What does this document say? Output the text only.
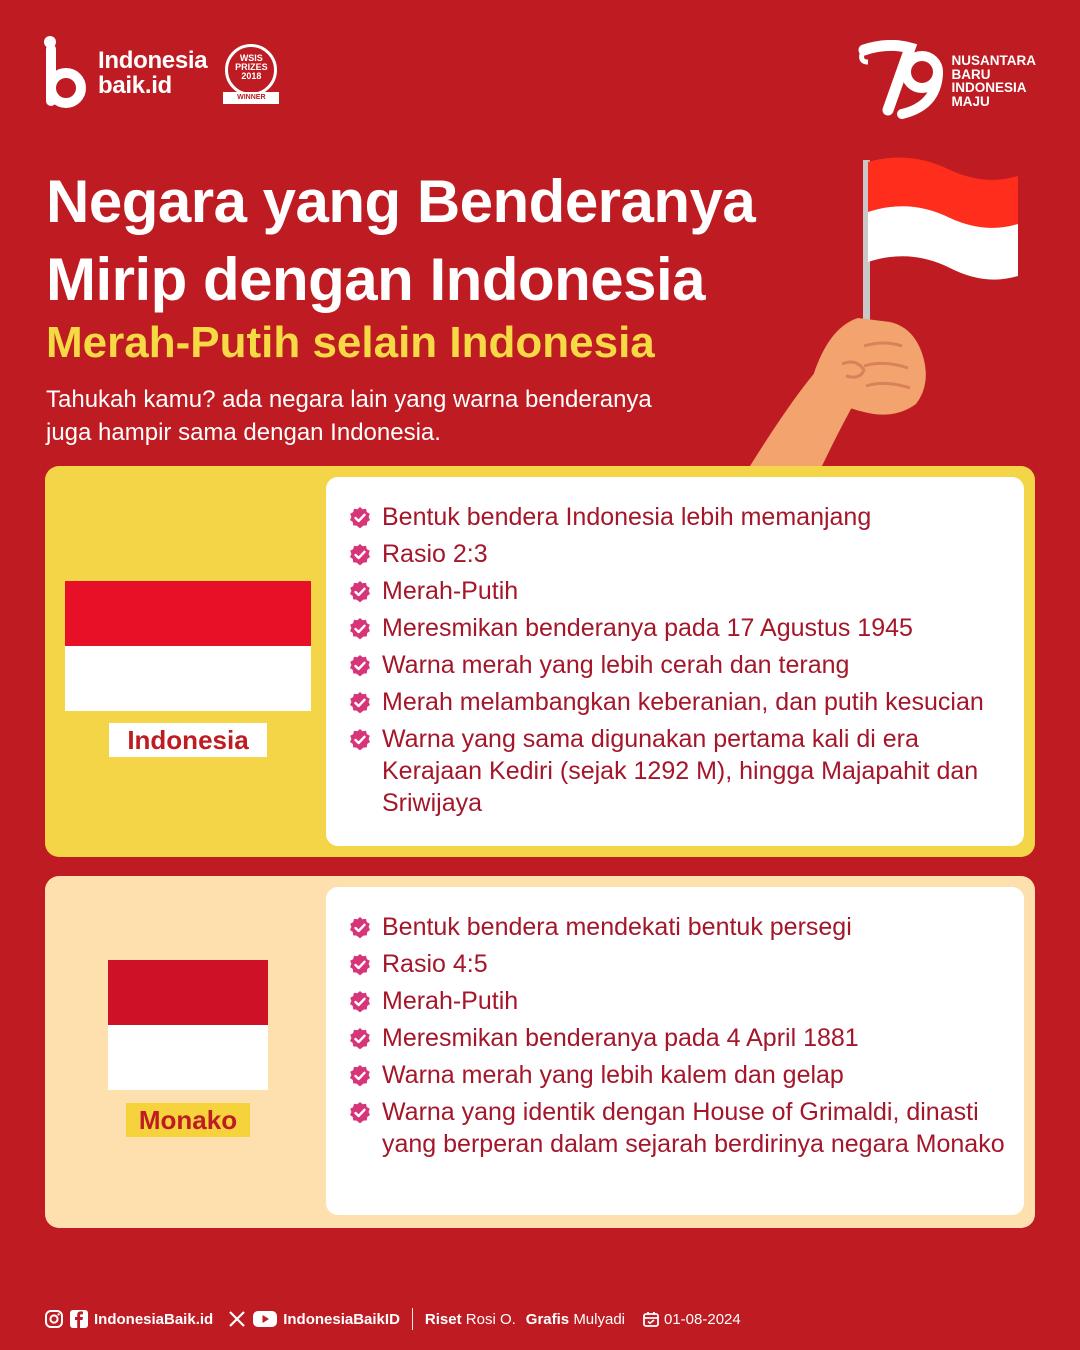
Indonesia
baik.id
WSIS
PRIZES
2018
WINNER
NUSANTARA
BARU
INDONESIA
MAJU
Negara yang Benderanya
Mirip dengan Indonesia
Merah-Putih selain Indonesia

Tahukah kamu? ada negara lain yang warna benderanya
juga hampir sama dengan Indonesia.

Indonesia
Bentuk bendera Indonesia lebih memanjang
Rasio 2:3
Merah-Putih
Meresmikan benderanya pada 17 Agustus 1945
Warna merah yang lebih cerah dan terang
Merah melambangkan keberanian, dan putih kesucian
Warna yang sama digunakan pertama kali di era Kerajaan Kediri (sejak 1292 M), hingga Majapahit dan Sriwijaya
Monako
Bentuk bendera mendekati bentuk persegi
Rasio 4:5
Merah-Putih
Meresmikan benderanya pada 4 April 1881
Warna merah yang lebih kalem dan gelap
Warna yang identik dengan House of Grimaldi, dinasti yang berperan dalam sejarah berdirinya negara Monako
IndonesiaBaik.id	IndonesiaBaikID Riset
Rosi O. Grafis
Mulyadi	01-08-2024
